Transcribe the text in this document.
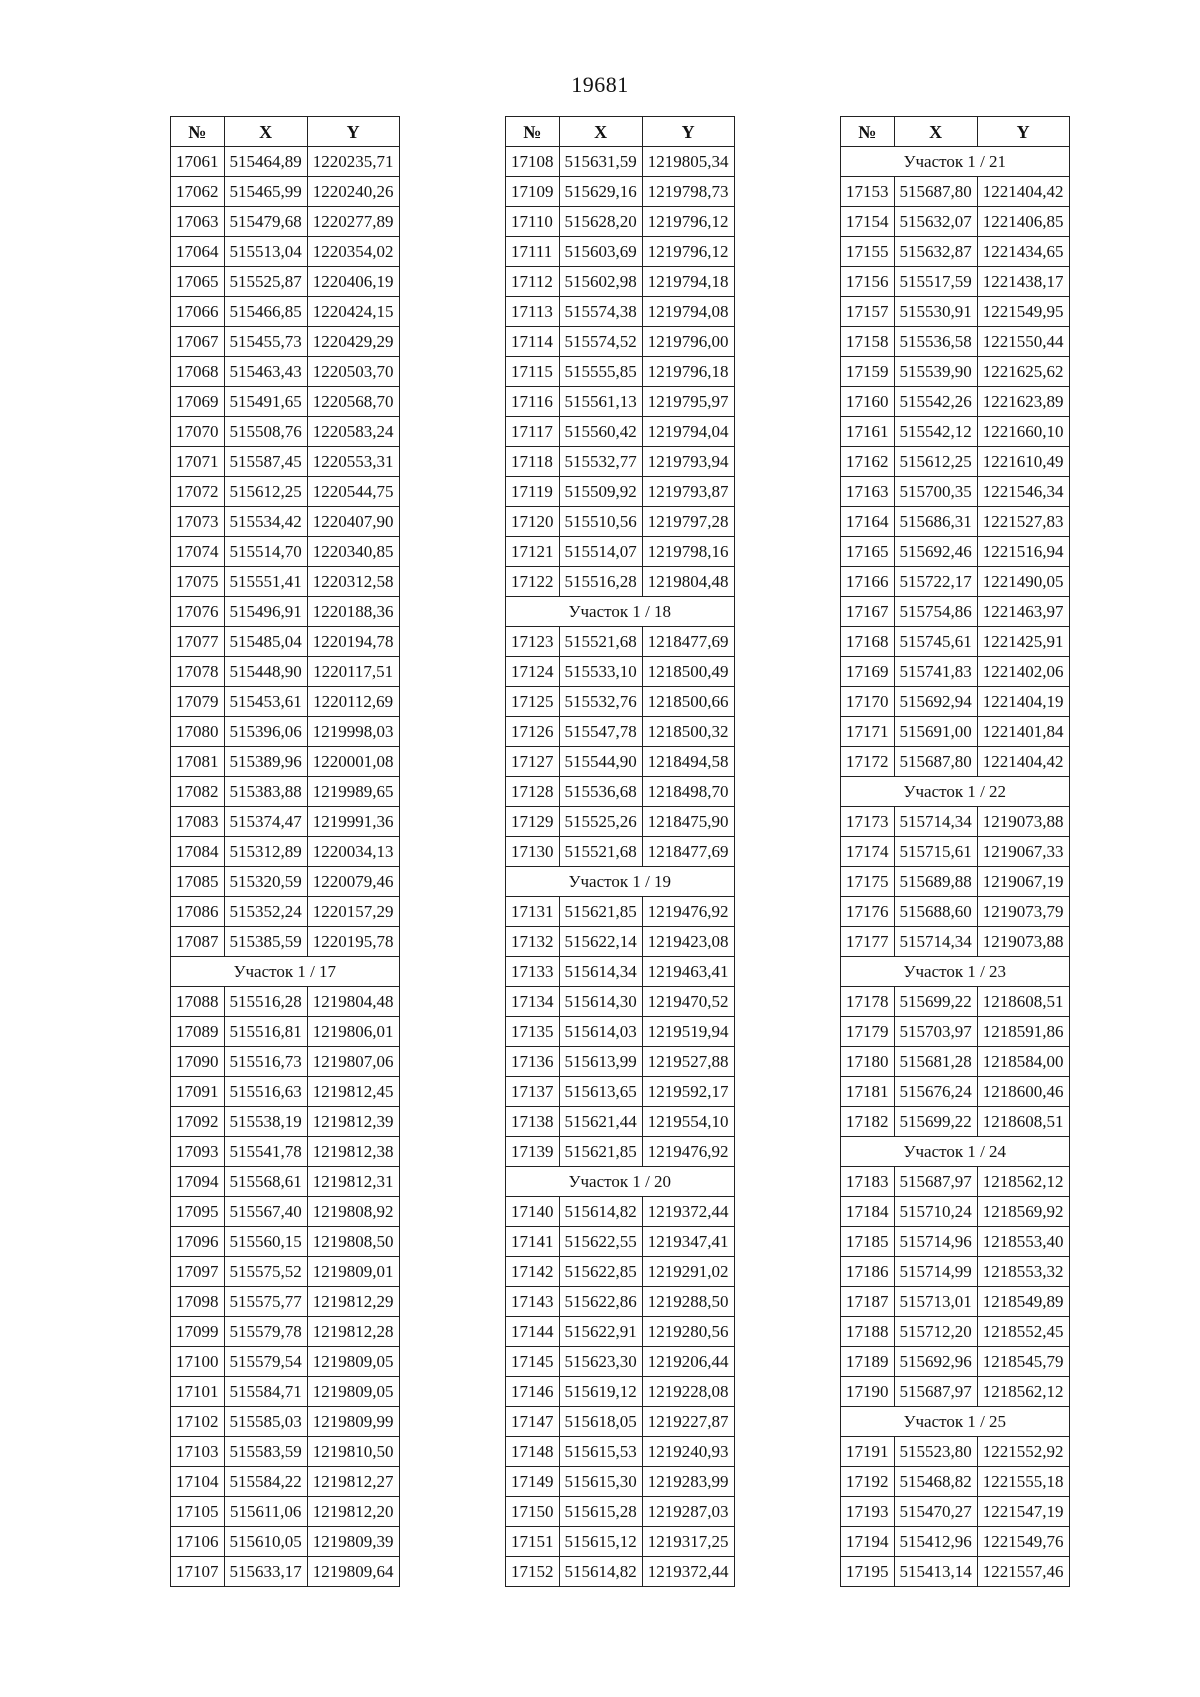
19681
№	X	Y
17061	515464,89	1220235,71
17062	515465,99	1220240,26
17063	515479,68	1220277,89
17064	515513,04	1220354,02
17065	515525,87	1220406,19
17066	515466,85	1220424,15
17067	515455,73	1220429,29
17068	515463,43	1220503,70
17069	515491,65	1220568,70
17070	515508,76	1220583,24
17071	515587,45	1220553,31
17072	515612,25	1220544,75
17073	515534,42	1220407,90
17074	515514,70	1220340,85
17075	515551,41	1220312,58
17076	515496,91	1220188,36
17077	515485,04	1220194,78
17078	515448,90	1220117,51
17079	515453,61	1220112,69
17080	515396,06	1219998,03
17081	515389,96	1220001,08
17082	515383,88	1219989,65
17083	515374,47	1219991,36
17084	515312,89	1220034,13
17085	515320,59	1220079,46
17086	515352,24	1220157,29
17087	515385,59	1220195,78
Участок 1 / 17		
17088	515516,28	1219804,48
17089	515516,81	1219806,01
17090	515516,73	1219807,06
17091	515516,63	1219812,45
17092	515538,19	1219812,39
17093	515541,78	1219812,38
17094	515568,61	1219812,31
17095	515567,40	1219808,92
17096	515560,15	1219808,50
17097	515575,52	1219809,01
17098	515575,77	1219812,29
17099	515579,78	1219812,28
17100	515579,54	1219809,05
17101	515584,71	1219809,05
17102	515585,03	1219809,99
17103	515583,59	1219810,50
17104	515584,22	1219812,27
17105	515611,06	1219812,20
17106	515610,05	1219809,39
17107	515633,17	1219809,64
№	X	Y
17108	515631,59	1219805,34
17109	515629,16	1219798,73
17110	515628,20	1219796,12
17111	515603,69	1219796,12
17112	515602,98	1219794,18
17113	515574,38	1219794,08
17114	515574,52	1219796,00
17115	515555,85	1219796,18
17116	515561,13	1219795,97
17117	515560,42	1219794,04
17118	515532,77	1219793,94
17119	515509,92	1219793,87
17120	515510,56	1219797,28
17121	515514,07	1219798,16
17122	515516,28	1219804,48
Участок 1 / 18		
17123	515521,68	1218477,69
17124	515533,10	1218500,49
17125	515532,76	1218500,66
17126	515547,78	1218500,32
17127	515544,90	1218494,58
17128	515536,68	1218498,70
17129	515525,26	1218475,90
17130	515521,68	1218477,69
Участок 1 / 19		
17131	515621,85	1219476,92
17132	515622,14	1219423,08
17133	515614,34	1219463,41
17134	515614,30	1219470,52
17135	515614,03	1219519,94
17136	515613,99	1219527,88
17137	515613,65	1219592,17
17138	515621,44	1219554,10
17139	515621,85	1219476,92
Участок 1 / 20		
17140	515614,82	1219372,44
17141	515622,55	1219347,41
17142	515622,85	1219291,02
17143	515622,86	1219288,50
17144	515622,91	1219280,56
17145	515623,30	1219206,44
17146	515619,12	1219228,08
17147	515618,05	1219227,87
17148	515615,53	1219240,93
17149	515615,30	1219283,99
17150	515615,28	1219287,03
17151	515615,12	1219317,25
17152	515614,82	1219372,44
№	X	Y
Участок 1 / 21		
17153	515687,80	1221404,42
17154	515632,07	1221406,85
17155	515632,87	1221434,65
17156	515517,59	1221438,17
17157	515530,91	1221549,95
17158	515536,58	1221550,44
17159	515539,90	1221625,62
17160	515542,26	1221623,89
17161	515542,12	1221660,10
17162	515612,25	1221610,49
17163	515700,35	1221546,34
17164	515686,31	1221527,83
17165	515692,46	1221516,94
17166	515722,17	1221490,05
17167	515754,86	1221463,97
17168	515745,61	1221425,91
17169	515741,83	1221402,06
17170	515692,94	1221404,19
17171	515691,00	1221401,84
17172	515687,80	1221404,42
Участок 1 / 22		
17173	515714,34	1219073,88
17174	515715,61	1219067,33
17175	515689,88	1219067,19
17176	515688,60	1219073,79
17177	515714,34	1219073,88
Участок 1 / 23		
17178	515699,22	1218608,51
17179	515703,97	1218591,86
17180	515681,28	1218584,00
17181	515676,24	1218600,46
17182	515699,22	1218608,51
Участок 1 / 24		
17183	515687,97	1218562,12
17184	515710,24	1218569,92
17185	515714,96	1218553,40
17186	515714,99	1218553,32
17187	515713,01	1218549,89
17188	515712,20	1218552,45
17189	515692,96	1218545,79
17190	515687,97	1218562,12
Участок 1 / 25		
17191	515523,80	1221552,92
17192	515468,82	1221555,18
17193	515470,27	1221547,19
17194	515412,96	1221549,76
17195	515413,14	1221557,46
